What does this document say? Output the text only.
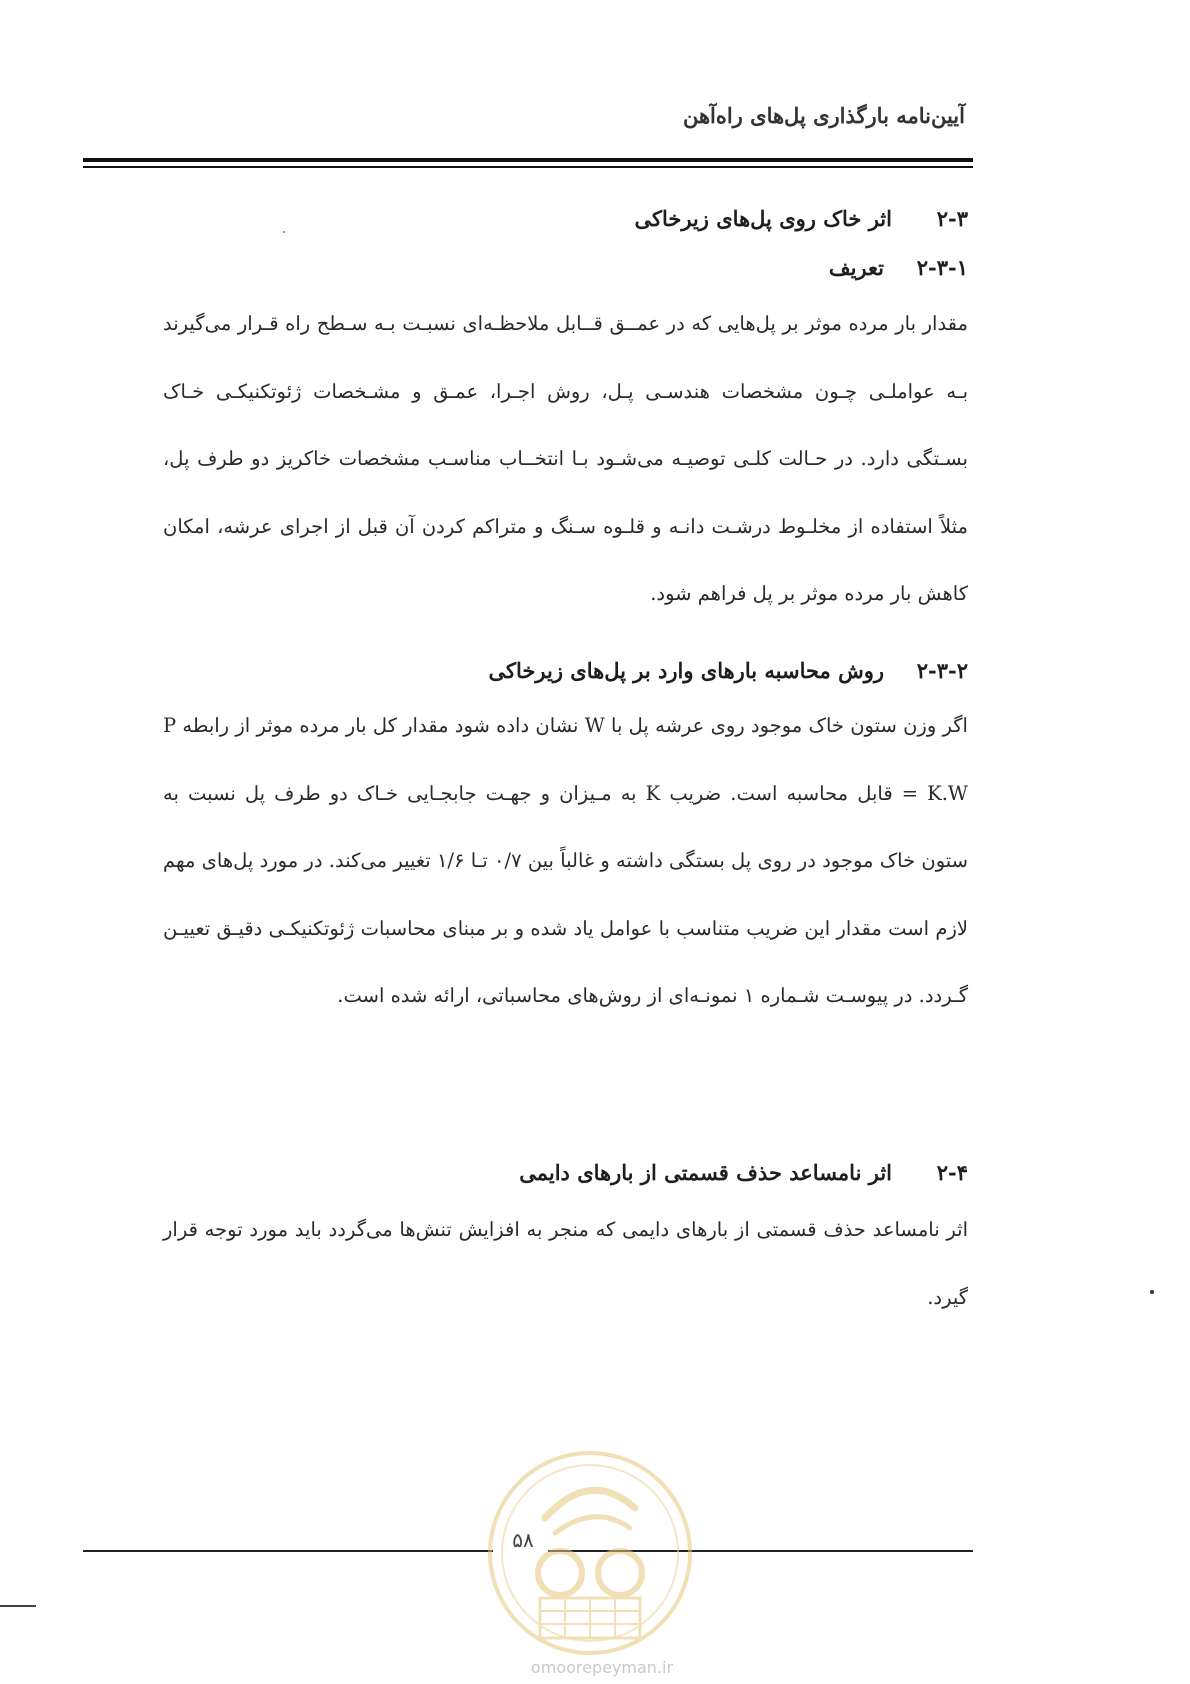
آیین‌نامه بارگذاری پل‌های راه‌آهن
۲-۳اثر خاک روی پل‌های زیرخاکی
۲-۳-۱تعریف
مقدار بار مرده موثر بر پل‌هایی که در عمــق قــابل ملاحظـه‌ای نسبـت بـه سـطح راه قـرار می‌گیرند بـه عواملـی چـون مشخصات هندسـی پـل، روش اجـرا، عمـق و مشـخصات ژئوتکنیکـی خـاک بسـتگی دارد. در حـالت کلـی توصیـه می‌شـود بـا انتخــاب مناسـب مشخصات خاکریز دو طرف پل، مثلاً استفاده از مخلـوط درشـت دانـه و قلـوه سـنگ و متراکم کردن آن قبل از اجرای عرشه، امکان کاهش بار مرده موثر بر پل فراهم شود.
۲-۳-۲روش محاسبه بارهای وارد بر پل‌های زیرخاکی
اگر وزن ستون خاک موجود روی عرشه پل با W نشان داده شود مقدار کل بار مرده موثر از رابطه P = K.W قابل محاسبه است. ضریب K به مـیزان و جهـت جابجـایی خـاک دو طرف پل نسبت به ستون خاک موجود در روی پل بستگی داشته و غالباً بین ۰/۷ تـا ۱/۶ تغییر می‌کند. در مورد پل‌های مهم لازم است مقدار این ضریب متناسب با عوامل یاد شده و بر مبنای محاسبات ژئوتکنیکـی دقیـق تعییـن گـردد. در پیوسـت شـماره ۱ نمونـه‌ای از روش‌های محاسباتی، ارائه شده است.
۲-۴اثر نامساعد حذف قسمتی از بارهای دایمی
اثر نامساعد حذف قسمتی از بارهای دایمی که منجر به افزایش تنش‌ها می‌گردد باید مورد توجه قرار گیرد.
۵۸
omoorepeyman.ir
